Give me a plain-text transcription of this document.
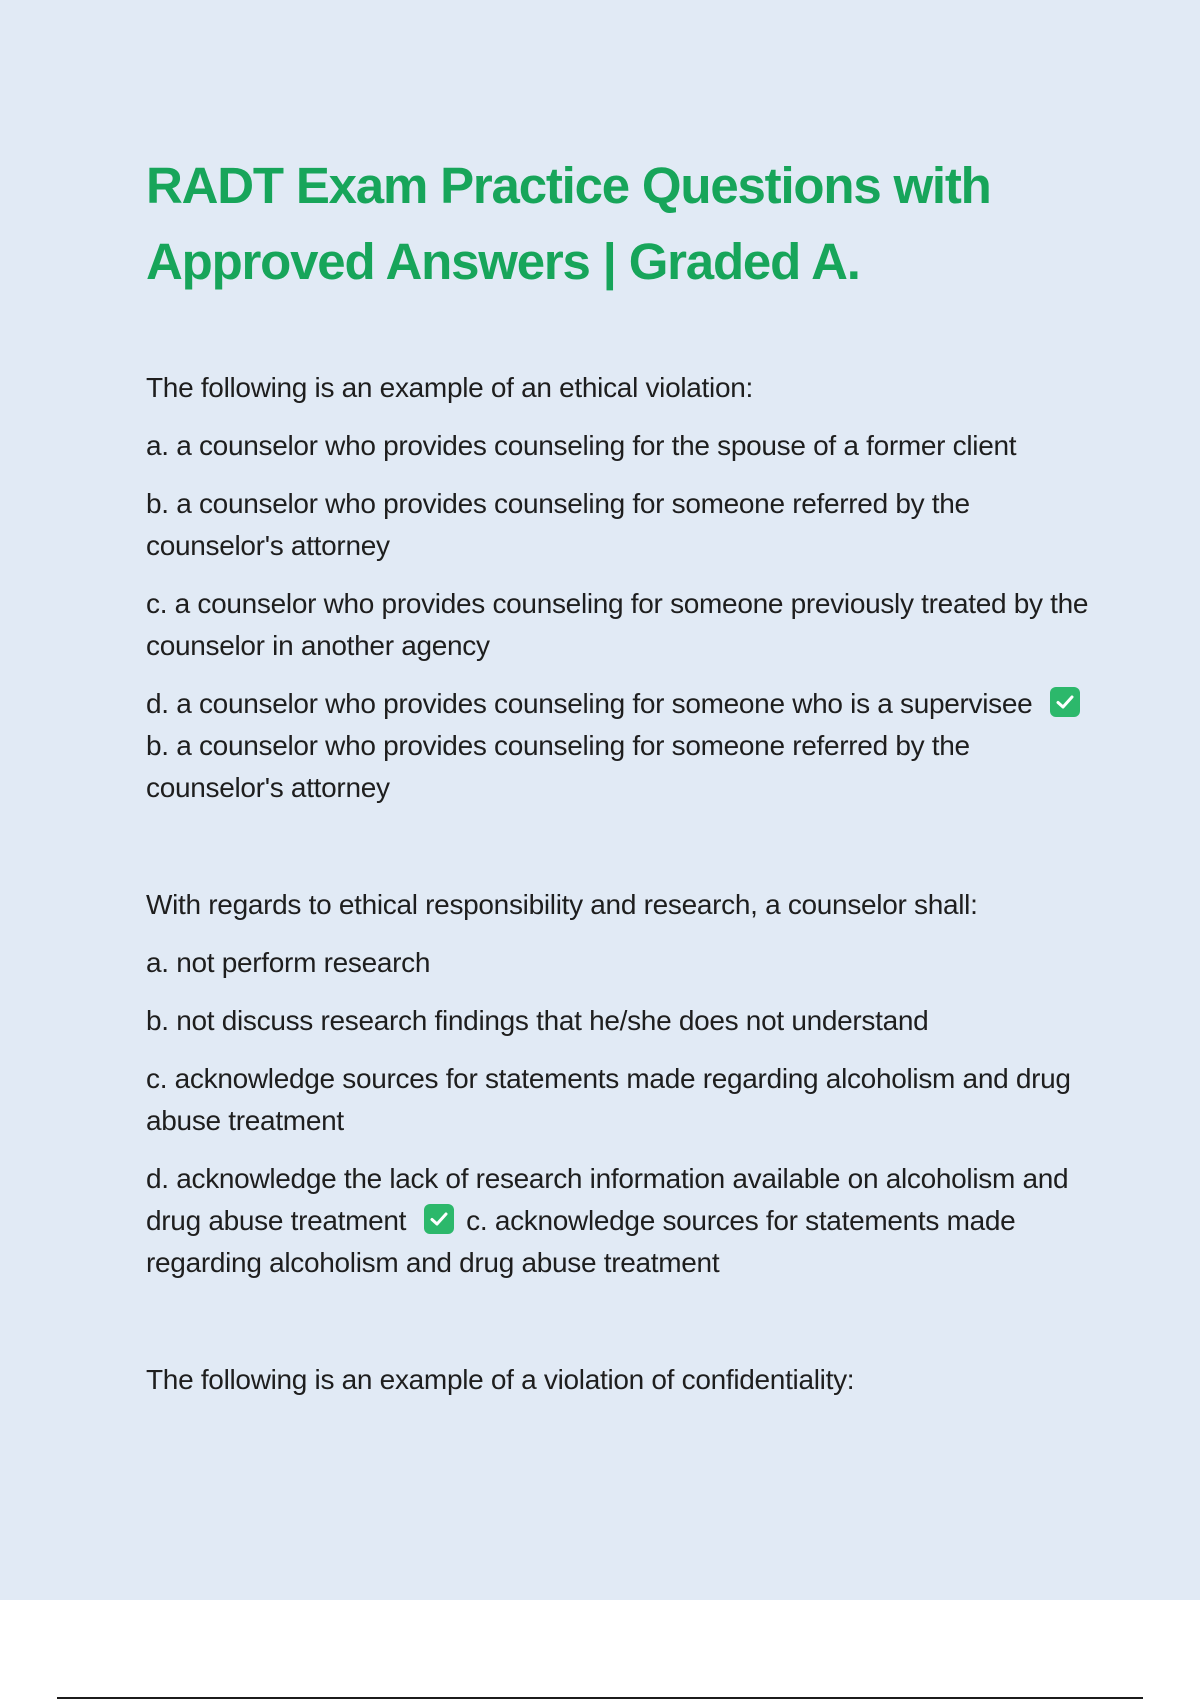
RADT Exam Practice Questions with Approved Answers | Graded A.

The following is an example of an ethical violation:

a. a counselor who provides counseling for the spouse of a former client

b. a counselor who provides counseling for someone referred by the counselor's attorney

c. a counselor who provides counseling for someone previously treated by the counselor in another agency

d. a counselor who provides counseling for someone who is a supervisee
b. a counselor who provides counseling for someone referred by the counselor's attorney

With regards to ethical responsibility and research, a counselor shall:

a. not perform research

b. not discuss research findings that he/she does not understand

c. acknowledge sources for statements made regarding alcoholism and drug abuse treatment

d. acknowledge the lack of research information available on alcoholism and drug abuse treatment c. acknowledge sources for statements made regarding alcoholism and drug abuse treatment

The following is an example of a violation of confidentiality:
